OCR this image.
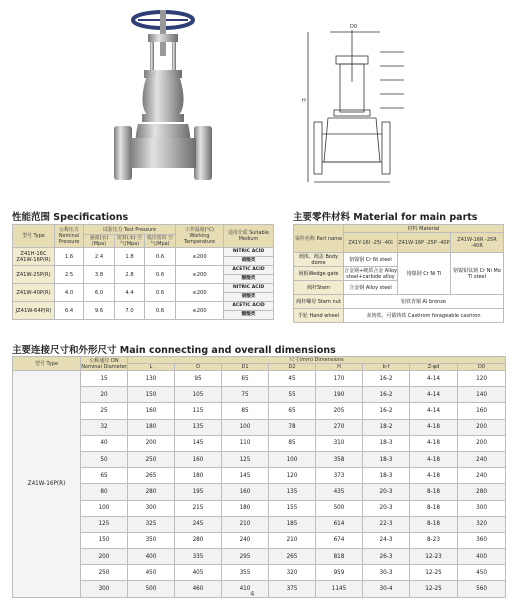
D0
H
性能范围 Specifications	主要零件材料 Material for main parts
主要连接尺寸和外形尺寸 Main connecting and overall dimensions
型号 Type	公称压力 Nominal Pressure	试验压力 Test Pressure			工作温度(℃) Working Temperature	适用介质 Suitable Medium
		强度(水) (Mpa)	密封(水) 空气(Mpa)	低压密封 空气(Mpa)		
Z41H-16C Z41W-16P(R)	1.6	2.4	1.8	0.6	≤200	NITRIC ACID
						硝酸类
Z41W-25P(R)	2.5	3.8	2.8	0.6	≤200	ACETIC ACID
						醋酸类
Z41W-40P(R)	4.0	6.0	4.4	0.6	≤200	NITRIC ACID
						硝酸类
JZ41W-64P(R)	6.4	9.6	7.0	0.6	≤200	ACETIC ACID
						醋酸类
零件名称 Part name	材料 Material		
	Z41Y-16I -25I -40I	Z41W-16P -25P -40P	Z41W-16R -25R -40R
阀体、阀盖 Body dome	铬镍钢 Cr Ni steel	铬镍钢 Cr Ni Ti	铬镍钼钛钢 Cr Ni Mo Ti steel
闸板Wedge gate	合金钢+硬质合金 Alloy steel+carbide alloy		
阀杆Stem	合金钢 Alloy steel		
阀杆螺母 Stem nut	铝铁青铜 Al bronze		
手轮 Hand wheel	灰铸铁、可锻铸铁 Castirom forageable casriron		
型号 Type	公称通径 DN Nominal Diameter	尺寸(mm) Dimensions							
		L	D	D1	D2	H	b-f	Z-φd	D0
Z41W-16P(R)	15	130	95	65	45	170	16-2	4-14	120
	20	150	105	75	55	190	16-2	4-14	140
	25	160	115	85	65	205	16-2	4-14	160
	32	180	135	100	78	270	18-2	4-18	200
	40	200	145	110	85	310	18-3	4-18	200
	50	250	160	125	100	358	18-3	4-18	240
	65	265	180	145	120	373	18-3	4-18	240
	80	280	195	160	135	435	20-3	8-18	280
	100	300	215	180	155	500	20-3	8-18	300
	125	325	245	210	185	614	22-3	8-18	320
	150	350	280	240	210	674	24-3	8-23	360
	200	400	335	295	265	818	26-3	12-23	400
	250	450	405	355	320	959	30-3	12-25	450
	300	500	460	410	375	1145	30-4	12-25	560
4
